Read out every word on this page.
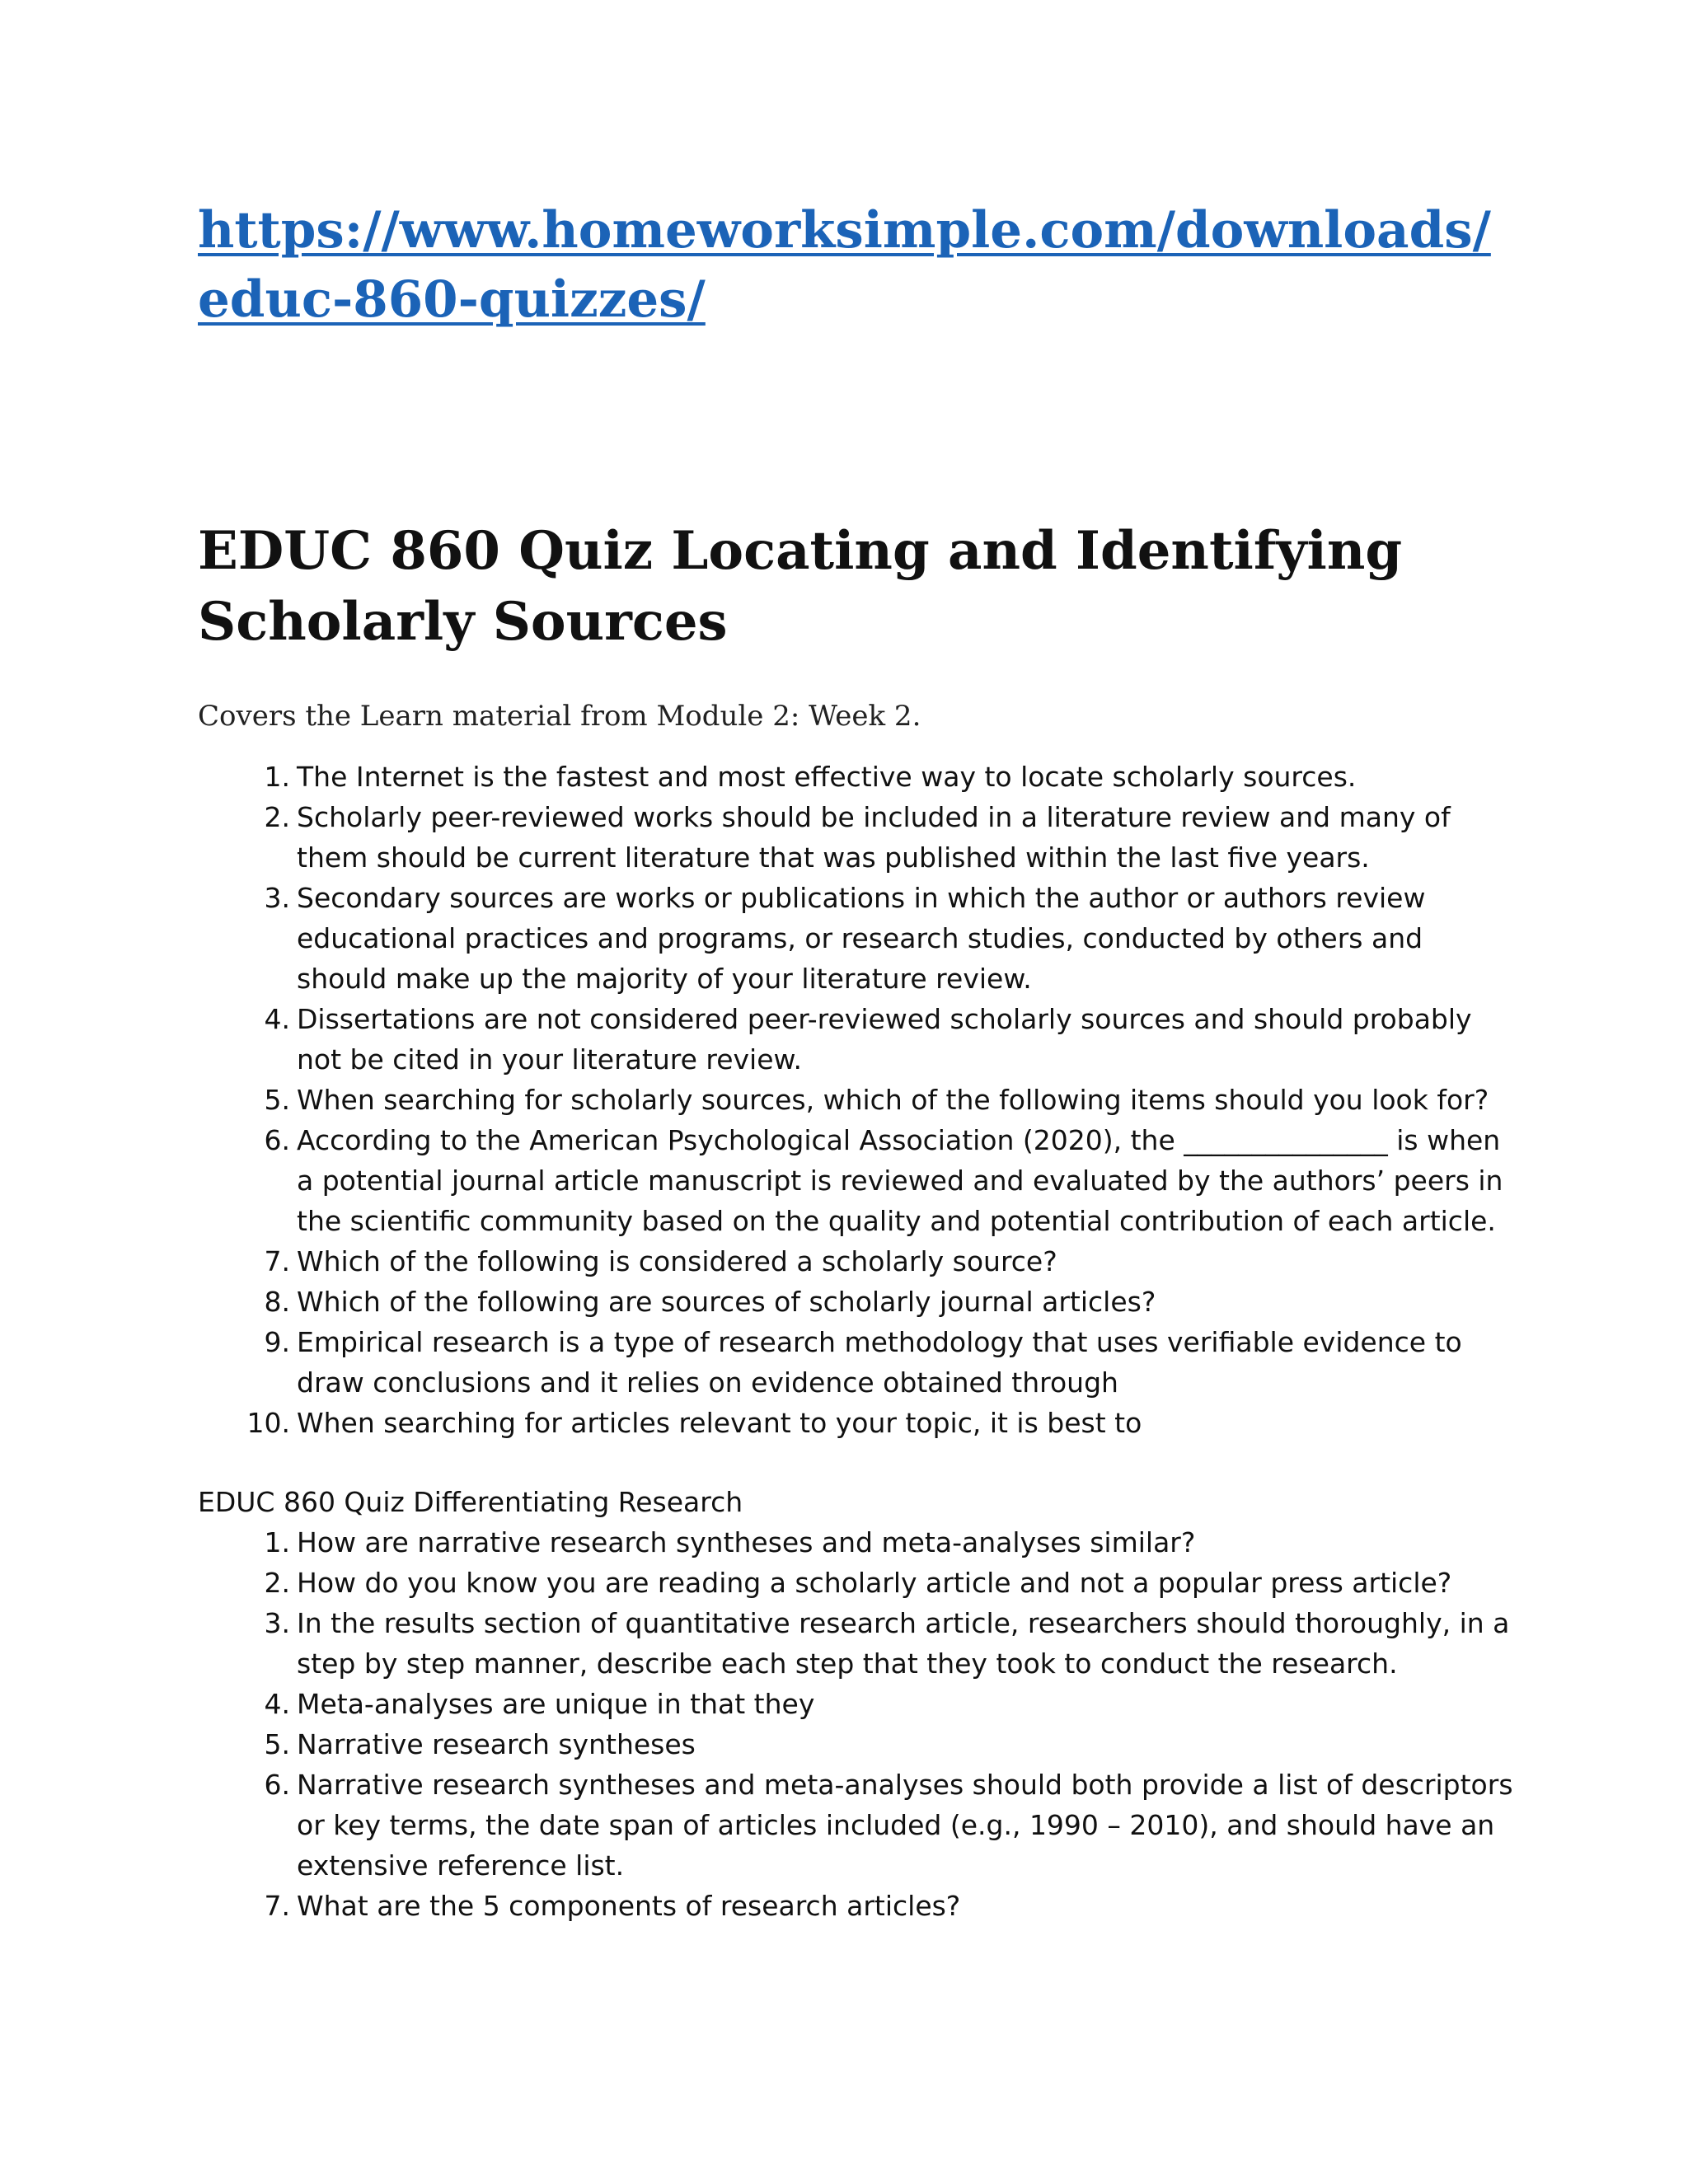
https://www.homeworksimple.com/downloads/educ-860-quizzes/
EDUC 860 Quiz Locating and Identifying Scholarly Sources

Covers the Learn material from Module 2: Week 2.

1. The Internet is the fastest and most effective way to locate scholarly sources.
2. Scholarly peer-reviewed works should be included in a literature review and many of them should be current literature that was published within the last five years.
3. Secondary sources are works or publications in which the author or authors review educational practices and programs, or research studies, conducted by others and should make up the majority of your literature review.
4. Dissertations are not considered peer-reviewed scholarly sources and should probably not be cited in your literature review.
5. When searching for scholarly sources, which of the following items should you look for?
6. According to the American Psychological Association (2020), the _______________ is when a potential journal article manuscript is reviewed and evaluated by the authors’ peers in the scientific community based on the quality and potential contribution of each article.
7. Which of the following is considered a scholarly source?
8. Which of the following are sources of scholarly journal articles?
9. Empirical research is a type of research methodology that uses verifiable evidence to draw conclusions and it relies on evidence obtained through
10. When searching for articles relevant to your topic, it is best to

EDUC 860 Quiz Differentiating Research

1. How are narrative research syntheses and meta-analyses similar?
2. How do you know you are reading a scholarly article and not a popular press article?
3. In the results section of quantitative research article, researchers should thoroughly, in a step by step manner, describe each step that they took to conduct the research.
4. Meta-analyses are unique in that they
5. Narrative research syntheses
6. Narrative research syntheses and meta-analyses should both provide a list of descriptors or key terms, the date span of articles included (e.g., 1990 – 2010), and should have an extensive reference list.
7. What are the 5 components of research articles?
